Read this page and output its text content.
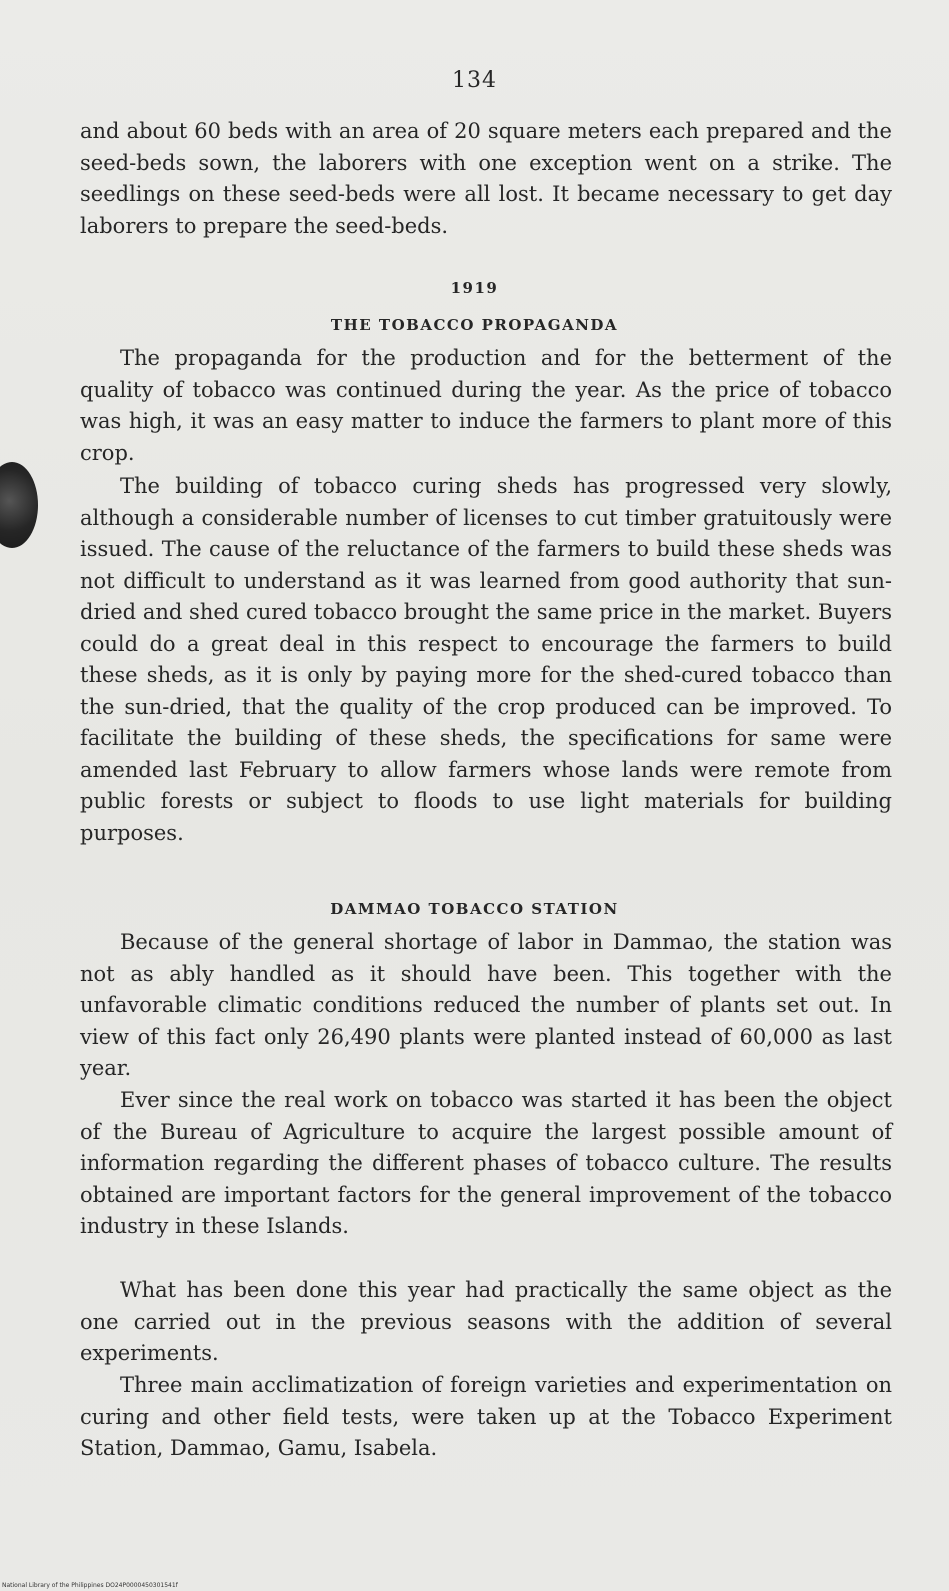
134

and about 60 beds with an area of 20 square meters each prepared and the seed-beds sown, the laborers with one exception went on a strike. The seedlings on these seed-beds were all lost. It became necessary to get day laborers to prepare the seed-beds.

1919
THE TOBACCO PROPAGANDA

The propaganda for the production and for the betterment of the quality of tobacco was continued during the year. As the price of tobacco was high, it was an easy matter to induce the farmers to plant more of this crop.

The building of tobacco curing sheds has progressed very slowly, although a considerable number of licenses to cut timber gratuitously were issued. The cause of the reluctance of the farmers to build these sheds was not difficult to understand as it was learned from good authority that sun-dried and shed cured tobacco brought the same price in the market. Buyers could do a great deal in this respect to encourage the farmers to build these sheds, as it is only by paying more for the shed-cured tobacco than the sun-dried, that the quality of the crop produced can be improved. To facilitate the building of these sheds, the specifications for same were amended last February to allow farmers whose lands were remote from public forests or subject to floods to use light materials for building purposes.

DAMMAO TOBACCO STATION

Because of the general shortage of labor in Dammao, the station was not as ably handled as it should have been. This together with the unfavorable climatic conditions reduced the number of plants set out. In view of this fact only 26,490 plants were planted instead of 60,000 as last year.

Ever since the real work on tobacco was started it has been the object of the Bureau of Agriculture to acquire the largest possible amount of information regarding the different phases of tobacco culture. The results obtained are important factors for the general improvement of the tobacco industry in these Islands.

What has been done this year had practically the same object as the one carried out in the previous seasons with the addition of several experiments.

Three main acclimatization of foreign varieties and experimentation on curing and other field tests, were taken up at the Tobacco Experiment Station, Dammao, Gamu, Isabela.

National Library of the Philippines DO24P0000450301541f
